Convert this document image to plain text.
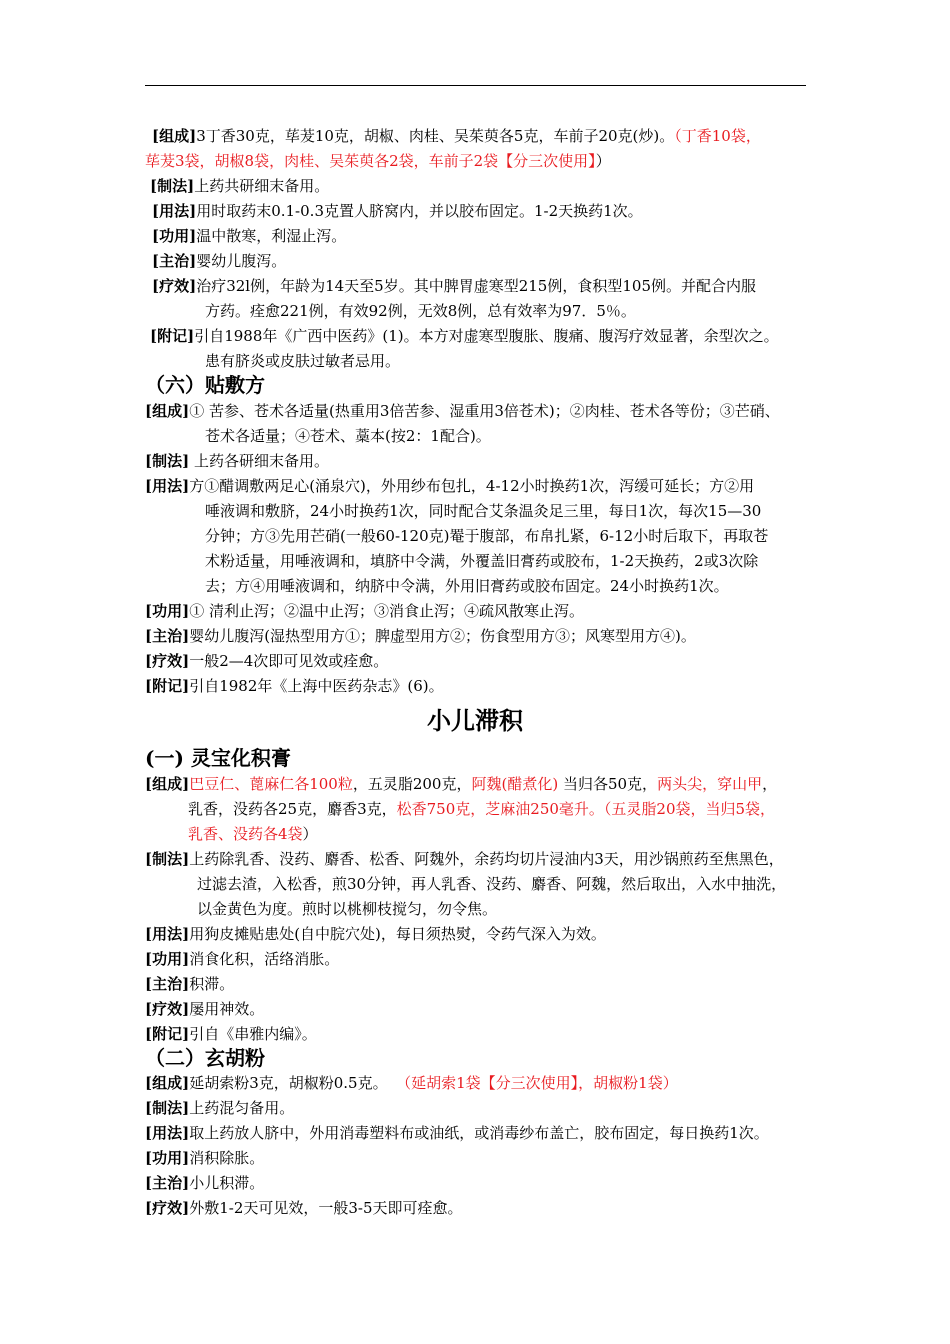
[组成]3丁香30克，荜茇10克，胡椒、肉桂、吴茱萸各5克，车前子20克(炒)。（丁香10袋，
荜茇3袋，胡椒8袋，肉桂、吴茱萸各2袋，车前子2袋【分三次使用】）
[制法]上药共研细末备用。
[用法]用时取药末0.1-0.3克置人脐窝内，并以胶布固定。1-2天换药1次。
[功用]温中散寒，利湿止泻。
[主治]婴幼儿腹泻。
[疗效]治疗32l例，年龄为14天至5岁。其中脾胃虚寒型215例，食积型105例。并配合内服
方药。痊愈221例，有效92例，无效8例，总有效率为97．5％。
[附记]引自1988年《广西中医药》(1)。本方对虚寒型腹胀、腹痛、腹泻疗效显著，余型次之。
患有脐炎或皮肤过敏者忌用。
（六）贴敷方
[组成]① 苦参、苍术各适量(热重用3倍苦参、湿重用3倍苍术)；②肉桂、苍术各等份；③芒硝、
苍术各适量；④苍术、藁本(按2：1配合)。
[制法] 上药各研细末备用。
[用法]方①醋调敷两足心(涌泉穴)，外用纱布包扎，4-12小时换药1次，泻缓可延长；方②用
唾液调和敷脐，24小时换药1次，同时配合艾条温灸足三里，每日1次，每次15—30
分钟；方③先用芒硝(一般60-120克)罨于腹部，布帛扎紧，6-12小时后取下，再取苍
术粉适量，用唾液调和，填脐中令满，外覆盖旧膏药或胶布，1-2天换药，2或3次除
去；方④用唾液调和，纳脐中令满，外用旧膏药或胶布固定。24小时换药1次。
[功用]① 清利止泻；②温中止泻；③消食止泻；④疏风散寒止泻。
[主治]婴幼儿腹泻(湿热型用方①；脾虚型用方②；伤食型用方③；风寒型用方④)。
[疗效]一般2—4次即可见效或痊愈。
[附记]引自1982年《上海中医药杂志》(6)。
小儿滞积
(一) 灵宝化积膏
[组成]巴豆仁、蓖麻仁各100粒，五灵脂200克，阿魏(醋煮化) 当归各50克，两头尖，穿山甲，
乳香，没药各25克，麝香3克，松香750克，芝麻油250毫升。（五灵脂20袋，当归5袋，
乳香、没药各4袋）
[制法]上药除乳香、没药、麝香、松香、阿魏外，余药均切片浸油内3天，用沙锅煎药至焦黑色，
过滤去渣，入松香，煎30分钟，再人乳香、没药、麝香、阿魏，然后取出，入水中抽洗，
以金黄色为度。煎时以桃柳枝搅匀，勿令焦。
[用法]用狗皮摊贴患处(自中脘穴处)，每日须热熨，令药气深入为效。
[功用]消食化积，活络消胀。
[主治]积滞。
[疗效]屡用神效。
[附记]引自《串雅内编》。
（二）玄胡粉
[组成]延胡索粉3克，胡椒粉0.5克。 （延胡索1袋【分三次使用】，胡椒粉1袋）
[制法]上药混匀备用。
[用法]取上药放人脐中，外用消毒塑料布或油纸，或消毒纱布盖亡，胶布固定，每日换药1次。
[功用]消积除胀。
[主治]小儿积滞。
[疗效]外敷1-2天可见效，一般3-5天即可痊愈。
